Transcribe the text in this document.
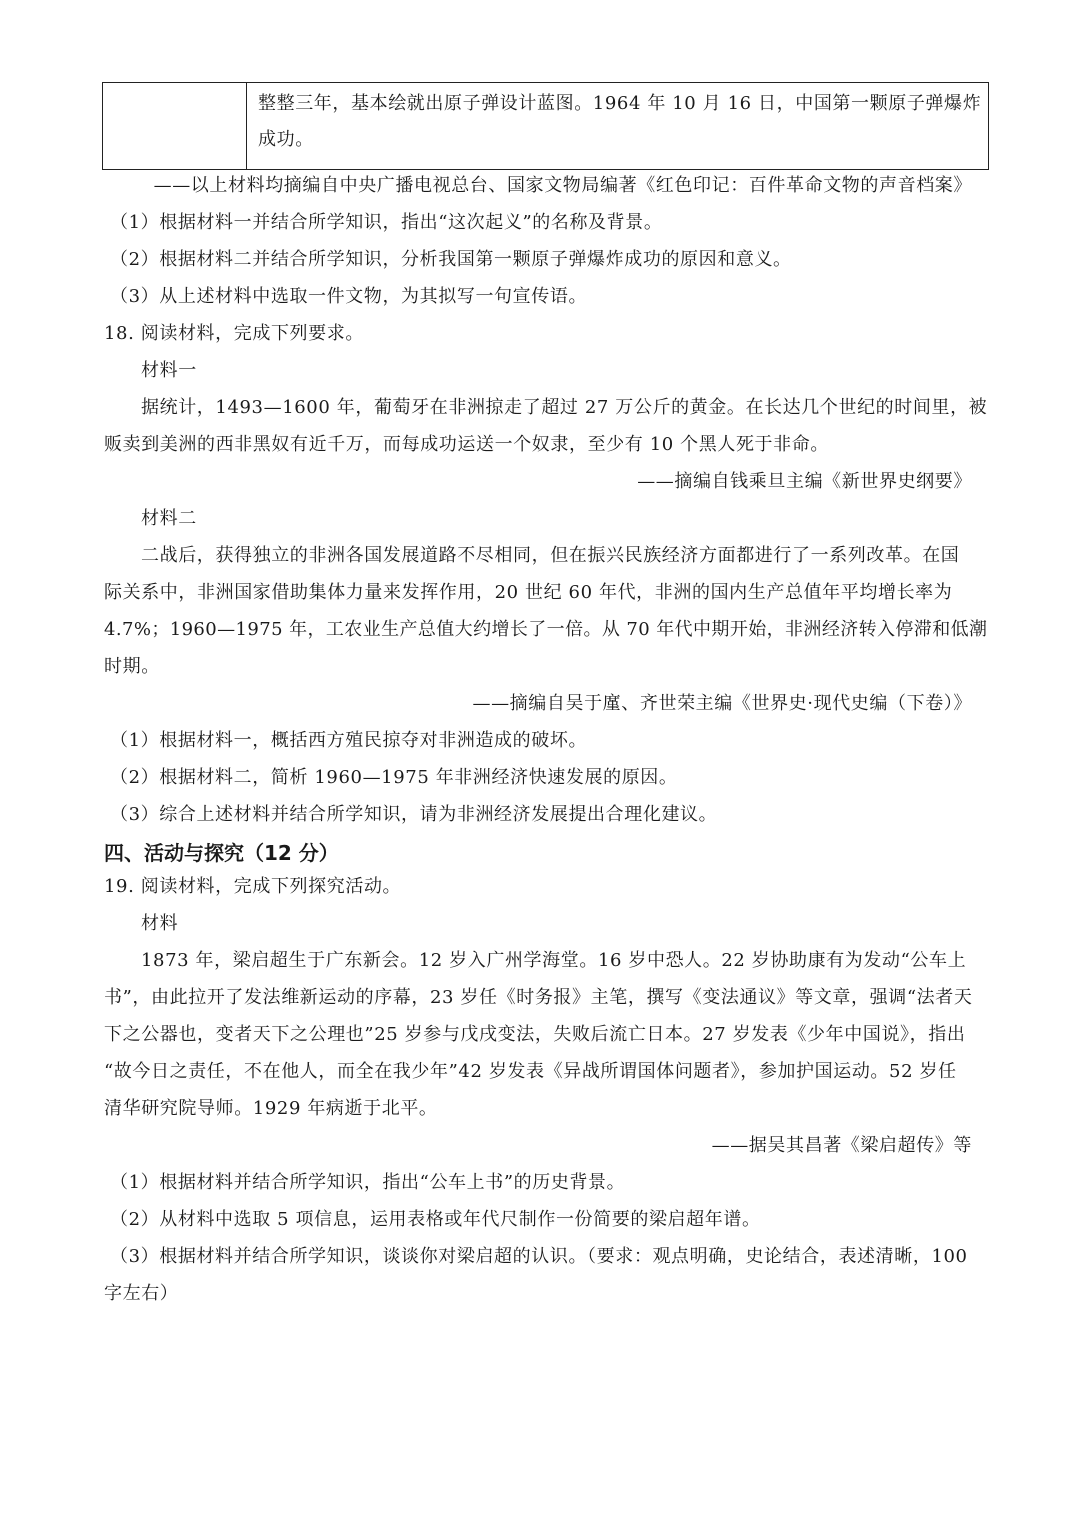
整整三年，基本绘就出原子弹设计蓝图。1964 年 10 月 16 日，中国第一颗原子弹爆炸
成功。
——以上材料均摘编自中央广播电视总台、国家文物局编著《红色印记：百件革命文物的声音档案》
（1）根据材料一并结合所学知识，指出“这次起义”的名称及背景。
（2）根据材料二并结合所学知识，分析我国第一颗原子弹爆炸成功的原因和意义。
（3）从上述材料中选取一件文物，为其拟写一句宣传语。
18. 阅读材料，完成下列要求。
材料一
据统计，1493—1600 年，葡萄牙在非洲掠走了超过 27 万公斤的黄金。在长达几个世纪的时间里，被
贩卖到美洲的西非黑奴有近千万，而每成功运送一个奴隶，至少有 10 个黑人死于非命。
——摘编自钱乘旦主编《新世界史纲要》
材料二
二战后，获得独立的非洲各国发展道路不尽相同，但在振兴民族经济方面都进行了一系列改革。在国
际关系中，非洲国家借助集体力量来发挥作用，20 世纪 60 年代，非洲的国内生产总值年平均增长率为
4.7%；1960—1975 年，工农业生产总值大约增长了一倍。从 70 年代中期开始，非洲经济转入停滞和低潮
时期。
——摘编自吴于廑、齐世荣主编《世界史·现代史编（下卷）》
（1）根据材料一，概括西方殖民掠夺对非洲造成的破坏。
（2）根据材料二，简析 1960—1975 年非洲经济快速发展的原因。
（3）综合上述材料并结合所学知识，请为非洲经济发展提出合理化建议。
四、活动与探究（12 分）
19. 阅读材料，完成下列探究活动。
材料
1873 年，梁启超生于广东新会。12 岁入广州学海堂。16 岁中恐人。22 岁协助康有为发动“公车上
书”，由此拉开了发法维新运动的序幕，23 岁任《时务报》主笔，撰写《变法通议》等文章，强调“法者天
下之公器也，变者天下之公理也”25 岁参与戊戌变法，失败后流亡日本。27 岁发表《少年中国说》，指出
“故今日之责任，不在他人，而全在我少年”42 岁发表《异战所谓国体问题者》，参加护国运动。52 岁任
清华研究院导师。1929 年病逝于北平。
——据吴其昌著《梁启超传》等
（1）根据材料并结合所学知识，指出“公车上书”的历史背景。
（2）从材料中选取 5 项信息，运用表格或年代尺制作一份简要的梁启超年谱。
（3）根据材料并结合所学知识，谈谈你对梁启超的认识。（要求：观点明确，史论结合，表述清晰，100
字左右）
